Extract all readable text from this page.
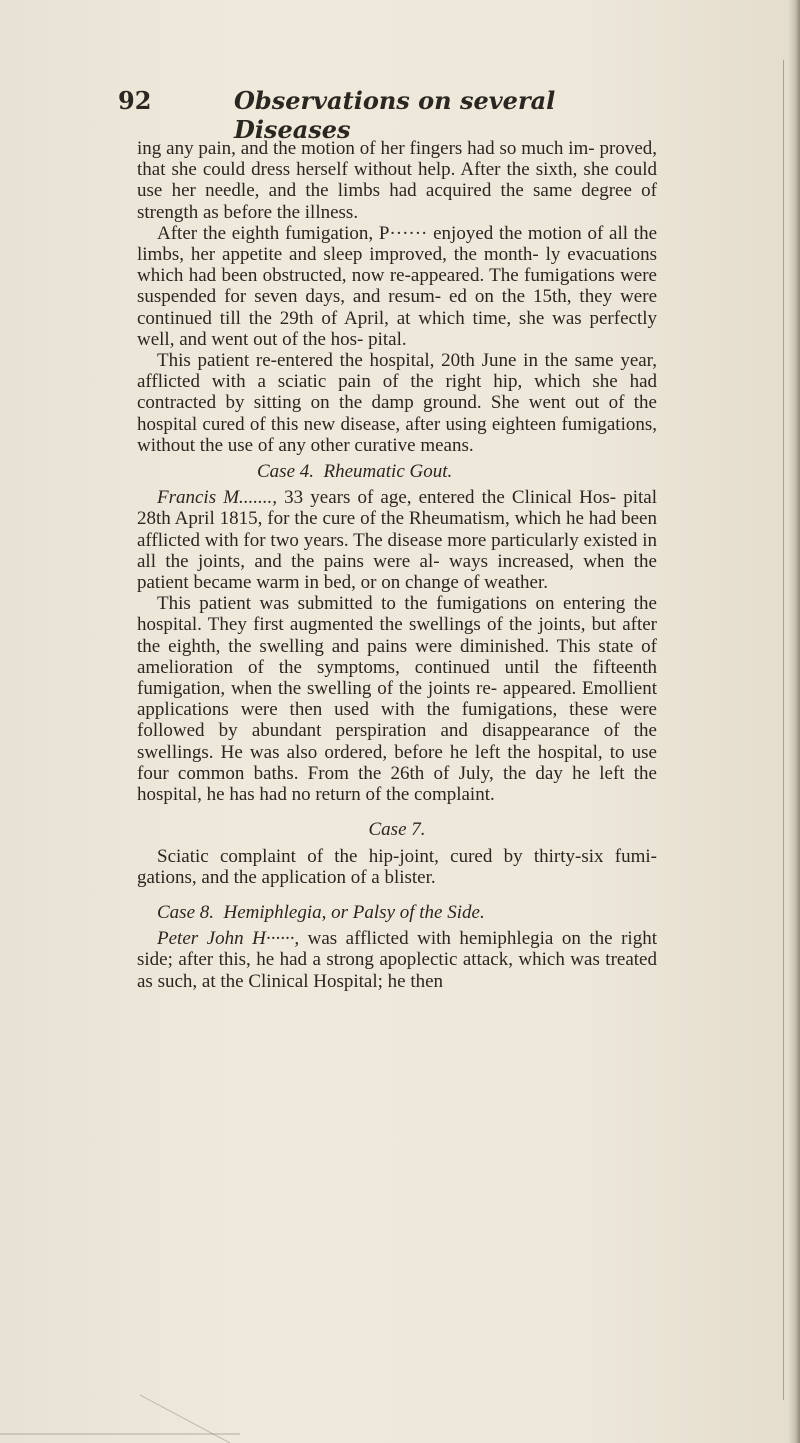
92	Observations on several Diseases

ing any pain, and the motion of her fingers had so much im- proved, that she could dress herself without help. After the sixth, she could use her needle, and the limbs had acquired the same degree of strength as before the illness.

After the eighth fumigation, P······ enjoyed the motion of all the limbs, her appetite and sleep improved, the month- ly evacuations which had been obstructed, now re-appeared. The fumigations were suspended for seven days, and resum- ed on the 15th, they were continued till the 29th of April, at which time, she was perfectly well, and went out of the hos- pital.

This patient re-entered the hospital, 20th June in the same year, afflicted with a sciatic pain of the right hip, which she had contracted by sitting on the damp ground. She went out of the hospital cured of this new disease, after using eighteen fumigations, without the use of any other curative means.

Case 4. Rheumatic Gout.

Francis M......., 33 years of age, entered the Clinical Hos- pital 28th April 1815, for the cure of the Rheumatism, which he had been afflicted with for two years. The disease more particularly existed in all the joints, and the pains were al- ways increased, when the patient became warm in bed, or on change of weather.

This patient was submitted to the fumigations on entering the hospital. They first augmented the swellings of the joints, but after the eighth, the swelling and pains were diminished. This state of amelioration of the symptoms, continued until the fifteenth fumigation, when the swelling of the joints re- appeared. Emollient applications were then used with the fumigations, these were followed by abundant perspiration and disappearance of the swellings. He was also ordered, before he left the hospital, to use four common baths. From the 26th of July, the day he left the hospital, he has had no return of the complaint.

Case 7.

Sciatic complaint of the hip-joint, cured by thirty-six fumi- gations, and the application of a blister.

Case 8. Hemiphlegia, or Palsy of the Side.

Peter John H······, was afflicted with hemiphlegia on the right side; after this, he had a strong apoplectic attack, which was treated as such, at the Clinical Hospital; he then
